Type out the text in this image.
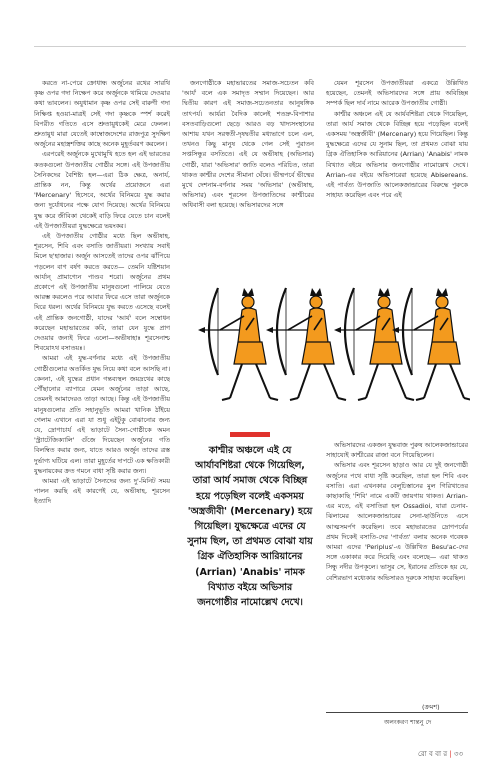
করতে না-পেরে ক্রোধান্ধ অর্জুনের রথের সারথি কৃষ্ণ ওপর গদা নিক্ষেপ করে অর্জুনকে থামিয়ে দেওয়ার কথা ভাবলেন। অযুধামান কৃষ্ণ ওপর সেই বারুণী গদা নিক্ষিপ্ত হওয়া-মাত্রই সেই গদা কৃষ্ণকে স্পর্শ করেই বিপরীত গতিতে এসে শ্রুতায়ুধকেই মেরে ফেলল। শ্রুতায়ুধ মারা যেতেই কাম্বোজদেশের রাজপুত্র সুদক্ষিণ অর্জুনের মহাস্ত্রশক্তির কাছে অনেক মুহূর্তবরণ করলেন।

এরপরেই অর্জুনকে মুখোমুখি হতে হল এই ভারতের কতকগুলো উপজাতীয় গোষ্ঠীর সঙ্গে। এই উপজাতীয় সৈনিকদের বৈশিষ্ট্য হল—এরা ঠিক ক্ষেত্র, অনার্য, প্রান্তিক নন, কিন্তু অর্থের প্রয়োজনে এরা 'Mercenary' হিসেবে, অর্থের বিনিময়ে যুদ্ধ করার জন্য দুর্যোধনের পক্ষে যোগ দিয়েছে। অর্থের বিনিময়ে যুদ্ধ করে জীবিকা থেকেই বাড়ি ফিরে যেতে চান বলেই এই উপজাতীয়রা যুদ্ধক্ষেত্রে ভয়ংকর।

এই উপজাতীয় গোষ্ঠীর মধ্যে ছিল অভীষাহ, শূরসেন, শিবি এবং বসাতি জাতীয়রা। সংখ্যায় সবাই মিলে ছ'হাজার। অর্জুন আসতেই তাদের ওপর ঝাঁপিয়ে পড়লেন বাণ বর্ষণ করতে করতে— তেমনি যষ্টিশয়ান আর্যান্ প্রামাণ্যেন পাণ্ডব শরো। অর্জুনের প্রথম প্রকোপে এই উপজাতীয় মানুষগুলো পালিয়ে যেতে আরম্ভ করলেও পরে আবার ফিরে এসে তারা অর্জুনকে ঘিরে ধরল। অর্থের বিনিময়ে যুদ্ধ করতে এসেছে বলেই এই প্রান্তিক জনগোষ্ঠী, যাদের 'আর্য' বলে সম্বোধন করেছেন মহাভারতের কবি, তারা যেন যুদ্ধে প্রাণ দেওয়ার জন্যই ফিরে এলো—অভীষাহাঃ শূরসেনাশ্চ শিবয়োঽথ বসাতয়ঃ।

আমরা এই যুদ্ধ-বর্ণনার মধ্যে এই উপজাতীয় গোষ্ঠীগুলোর অতর্কিত যুদ্ধ নিয়ে কথা বলে আসছি না। কেননা, এই যুদ্ধের প্রধান গন্তব্যস্থল জয়দ্রথের কাছে পৌঁছানোর ব্যাপারে যেমন অর্জুনের তাড়া আছে, তেমনই আমাদেরও তাড়া আছে। কিন্তু এই উপজাতীয় মানুষগুলোর প্রতি সহানুভূতি আমরা খানিক ঠাঁইয়ে গেলাম এখানে এরা যা শুধু এইটুকু বোঝানোর জন্য যে, দ্রোণাচার্য এই ভাড়াটে সৈন্য-গোষ্ঠীকে অমন 'স্ট্র্যাটেজিক্যালি' গুঁজে দিয়েছেন অর্জুনের গতি বিলম্বিত করার জন্য, যাতে আরও অর্জুন তাদের ত্রস্ত দুর্ভাগ্য ঘটিয়ে এল। তারা মুহূর্তের দাপটে এক ক্ষতিকারী যুদ্ধনায়কের ক্রত গমনে বাধা সৃষ্টি করার জন্য।

আমরা এই ভাড়াটে সৈন্যদের জন্য দু'-মিনিট সময় পালন করছি এই কারণেই যে, অভীষাহ, শূরসেন ইত্যাদি

জনগোষ্ঠীকে মহাভারতের সমাজ-সচেতন কবি 'আর্য' বলে এক সমাদৃত সম্মান দিয়েছেন। আর দ্বিতীয় কারণ এই সমাজ-সচেতনতার আনুষঙ্গিক তাৎপর্য। আর্যরা বৈদিক কালেই শতদ্রু-বিপাশার বসতবাড়িগুলো ছেড়ে আরও বড় খাদ্যসংস্থানের আশায় যখন সরস্বতী-দৃষদ্বতীর মধ্যভাগে চলে এল, তখনও কিছু মানুষ থেকে গেল সেই পুরাতন সপ্তসিন্ধুর বসতিতে। এই যে অভীষাহ (অভিসার) গোষ্ঠী, যারা 'অভিসার' জাতি বলেও পরিচিত, তারা থাকত কাশ্মীর দেশের সীমানা ঘেঁষে। ভীষ্মপর্বে ভীষ্মের মুখে দেশনাম-বর্ণনার সময় 'অভিসার' (অভীষাহ, অভিসার) এবং শূরসেন উপজাতিদের কাশ্মীরের অধিবাসী বলা হয়েছে। অভিসারদের সঙ্গে

যেমন শূরসেন উপজাতীয়রা একত্রে উল্লিখিত হয়েছেন, তেমনই অভিসারদের সঙ্গে প্রায় অবিচ্ছিন্ন সম্পর্ক ছিল দার্ব নামে আরেক উপজাতীয় গোষ্ঠী।

কাশ্মীর অঞ্চলে এই যে আর্যবশিষ্টরা থেকে গিয়েছিল, তারা আর্য সমাজ থেকে বিচ্ছিন্ন হয়ে পড়েছিল বলেই একসময় 'অস্ত্রজীবী' (Mercenary) হয়ে গিয়েছিল। কিন্তু যুদ্ধক্ষেত্রে এদের যে সুনাম ছিল, তা প্রথমত বোঝা যায় গ্রিক ঐতিহাসিক আরিয়ানের (Arrian) 'Anabis' নামক বিখ্যাত বইয়ে অভিসার জনগোষ্ঠীর নামোল্লেখ দেখে। Arrian-এর বইয়ে অভিসারেরা হয়েছে Abisereans. এই পার্বত্য উপজাতি আলেকজান্ডারের বিরুদ্ধে পুরুকে সাহায্য করেছিল এবং পরে এই

কাশ্মীর অঞ্চলে এই যে আর্যাবশিষ্টরা থেকে গিয়েছিল, তারা আর্য সমাজ থেকে বিচ্ছিন্ন হয়ে পড়েছিল বলেই একসময় 'অস্ত্রজীবী' (Mercenary) হয়ে গিয়েছিল। যুদ্ধক্ষেত্রে এদের যে সুনাম ছিল, তা প্রথমত বোঝা যায় গ্রিক ঐতিহাসিক আরিয়ানের (Arrian) 'Anabis' নামক বিখ্যাত বইয়ে অভিসার জনগোষ্ঠীর নামোল্লেখ দেখে।

অভিসারদের একজন যুদ্ধবাজ পুরুষ আলেকজান্ডারের সাহায্যেই কাশ্মীরের রাজা বনে গিয়েছিলেন।

অভিসার এবং শূরসেন ছাড়াও আর যে দুই জনগোষ্ঠী অর্জুনের পথে বাধা সৃষ্টি করেছিল, তারা হল শিবি এবং বসাতি। এরা এখনকার বেলুচিস্তানের মুল গিরিখাতের কাছাকাছি 'শিবি' নামে একটি জায়গায় থাকত। Arrian-এর মতে, এই বসাতিরা হল Ossadioi, যারা চেনাব-ঝিলামের আলেকজান্ডারের সেনা-ছাউনিতে এসে আত্মসমর্পণ করেছিল। তবে মহাভারতের দ্রোণপর্বের প্রথম দিকেই বসাতি-দের 'পার্বত্য' বলায় অনেক গবেষক আমরা এদের 'Periplus'-এ উল্লিখিত Besu'ac-দের সঙ্গে একাকার করে দিয়েছি এবং বলেছে— এরা থাকত সিন্ধু নদীর উপকূলে। ভাসুর সে, ইরানের প্রতিকে হয় যে, বেশিরভাগ মধ্যেকার অভিসারও দূরুকে সাহায্য করেছিল।

(ক্রমশ)
অলংকরণ শান্তনু দে
রো ব বা র | ৩৩
